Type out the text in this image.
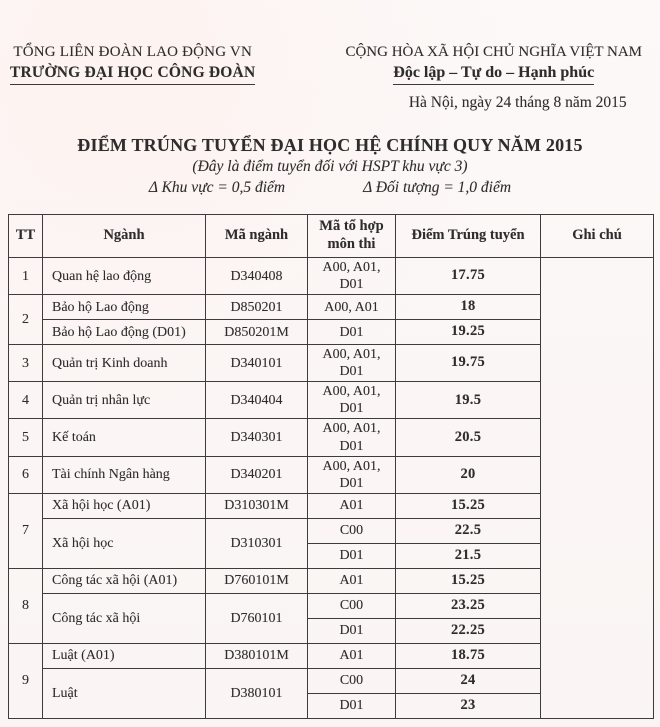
TỔNG LIÊN ĐOÀN LAO ĐỘNG VN
TRƯỜNG ĐẠI HỌC CÔNG ĐOÀN
CỘNG HÒA XÃ HỘI CHỦ NGHĨA VIỆT NAM
Độc lập – Tự do – Hạnh phúc
Hà Nội, ngày 24 tháng 8 năm 2015
ĐIỂM TRÚNG TUYỂN ĐẠI HỌC HỆ CHÍNH QUY NĂM 2015
(Đây là điểm tuyển đối với HSPT khu vực 3)
Δ Khu vực = 0,5 điểm	Δ Đối tượng = 1,0 điểm
TT	Ngành	Mã ngành	Mã tổ hợp môn thi	Điểm Trúng tuyển	Ghi chú
1	Quan hệ lao động	D340408	A00, A01, D01	17.75	
2	Bảo hộ Lao động	D850201	A00, A01	18	
	Bảo hộ Lao động (D01)	D850201M	D01	19.25	
3	Quản trị Kinh doanh	D340101	A00, A01, D01	19.75	
4	Quản trị nhân lực	D340404	A00, A01, D01	19.5	
5	Kế toán	D340301	A00, A01, D01	20.5	
6	Tài chính Ngân hàng	D340201	A00, A01, D01	20	
7	Xã hội học (A01)	D310301M	A01	15.25	
	Xã hội học	D310301	C00	22.5	
			D01	21.5	
8	Công tác xã hội (A01)	D760101M	A01	15.25	
	Công tác xã hội	D760101	C00	23.25	
			D01	22.25	
9	Luật (A01)	D380101M	A01	18.75	
	Luật	D380101	C00	24	
			D01	23	
